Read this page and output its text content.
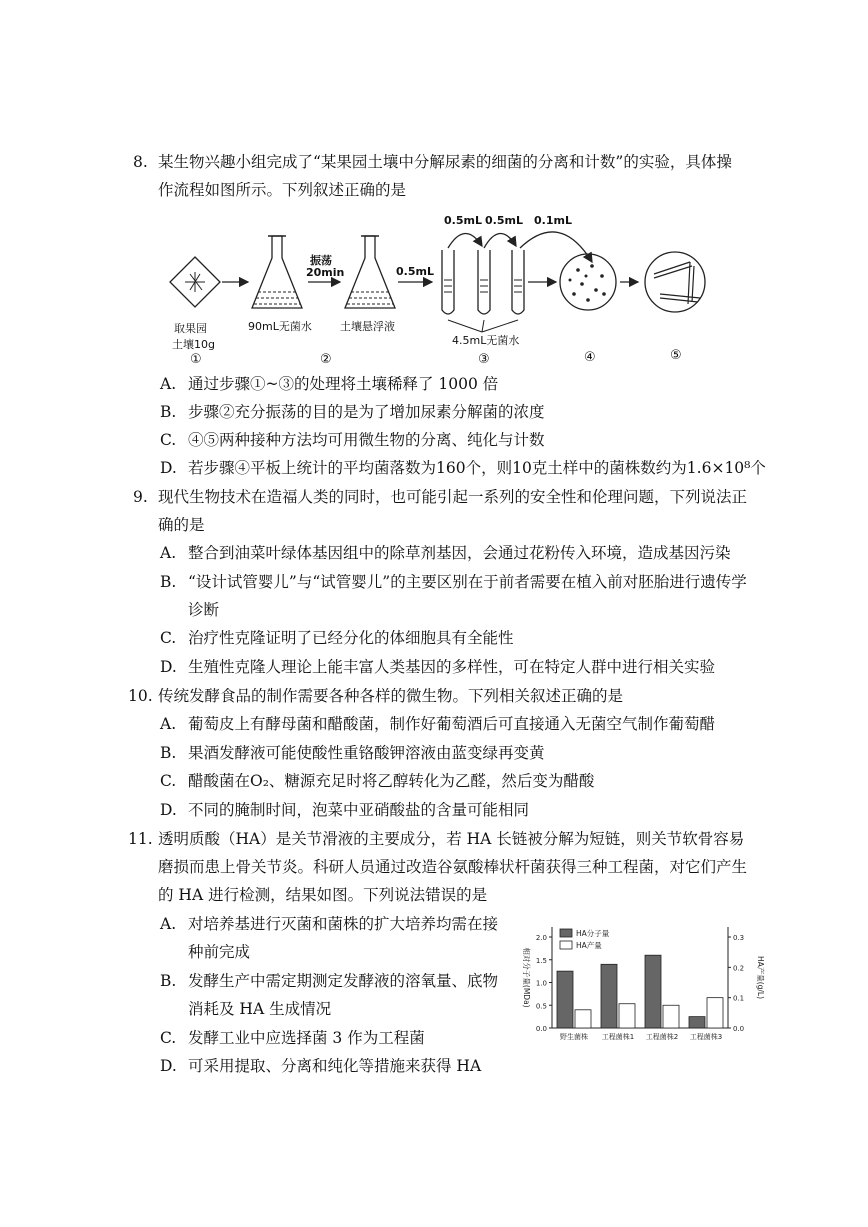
8. 某生物兴趣小组完成了“某果园土壤中分解尿素的细菌的分离和计数”的实验，具体操
作流程如图所示。下列叙述正确的是
振荡
20min	0.5mL
0.5mL 0.5mL 0.1mL
取果园
土壤10g
90mL无菌水	土壤悬浮液
4.5mL无菌水
①	②	③	④	⑤
A. 通过步骤①~③的处理将土壤稀释了 1000 倍
B. 步骤②充分振荡的目的是为了增加尿素分解菌的浓度
C. ④⑤两种接种方法均可用微生物的分离、纯化与计数
D. 若步骤④平板上统计的平均菌落数为160个，则10克土样中的菌株数约为1.6×10⁸个
9. 现代生物技术在造福人类的同时，也可能引起一系列的安全性和伦理问题，下列说法正
确的是
A. 整合到油菜叶绿体基因组中的除草剂基因，会通过花粉传入环境，造成基因污染
B. “设计试管婴儿”与“试管婴儿”的主要区别在于前者需要在植入前对胚胎进行遗传学
诊断
C. 治疗性克隆证明了已经分化的体细胞具有全能性
D. 生殖性克隆人理论上能丰富人类基因的多样性，可在特定人群中进行相关实验
10. 传统发酵食品的制作需要各种各样的微生物。下列相关叙述正确的是
A. 葡萄皮上有酵母菌和醋酸菌，制作好葡萄酒后可直接通入无菌空气制作葡萄醋
B. 果酒发酵液可能使酸性重铬酸钾溶液由蓝变绿再变黄
C. 醋酸菌在O₂、糖源充足时将乙醇转化为乙醛，然后变为醋酸
D. 不同的腌制时间，泡菜中亚硝酸盐的含量可能相同
11. 透明质酸（HA）是关节滑液的主要成分，若 HA 长链被分解为短链，则关节软骨容易
磨损而患上骨关节炎。科研人员通过改造谷氨酸棒状杆菌获得三种工程菌，对它们产生
的 HA 进行检测，结果如图。下列说法错误的是
A. 对培养基进行灭菌和菌株的扩大培养均需在接
种前完成
B. 发酵生产中需定期测定发酵液的溶氧量、底物
消耗及 HA 生成情况
C. 发酵工业中应选择菌 3 作为工程菌
D. 可采用提取、分离和纯化等措施来获得 HA
0.0
0.5
1.0
1.5
2.0
0.0
0.1
0.2
0.3
相对分子量(MDa)	HA产量(g/L)
野生菌株 工程菌株1 工程菌株2 工程菌株3
HA分子量
HA产量
